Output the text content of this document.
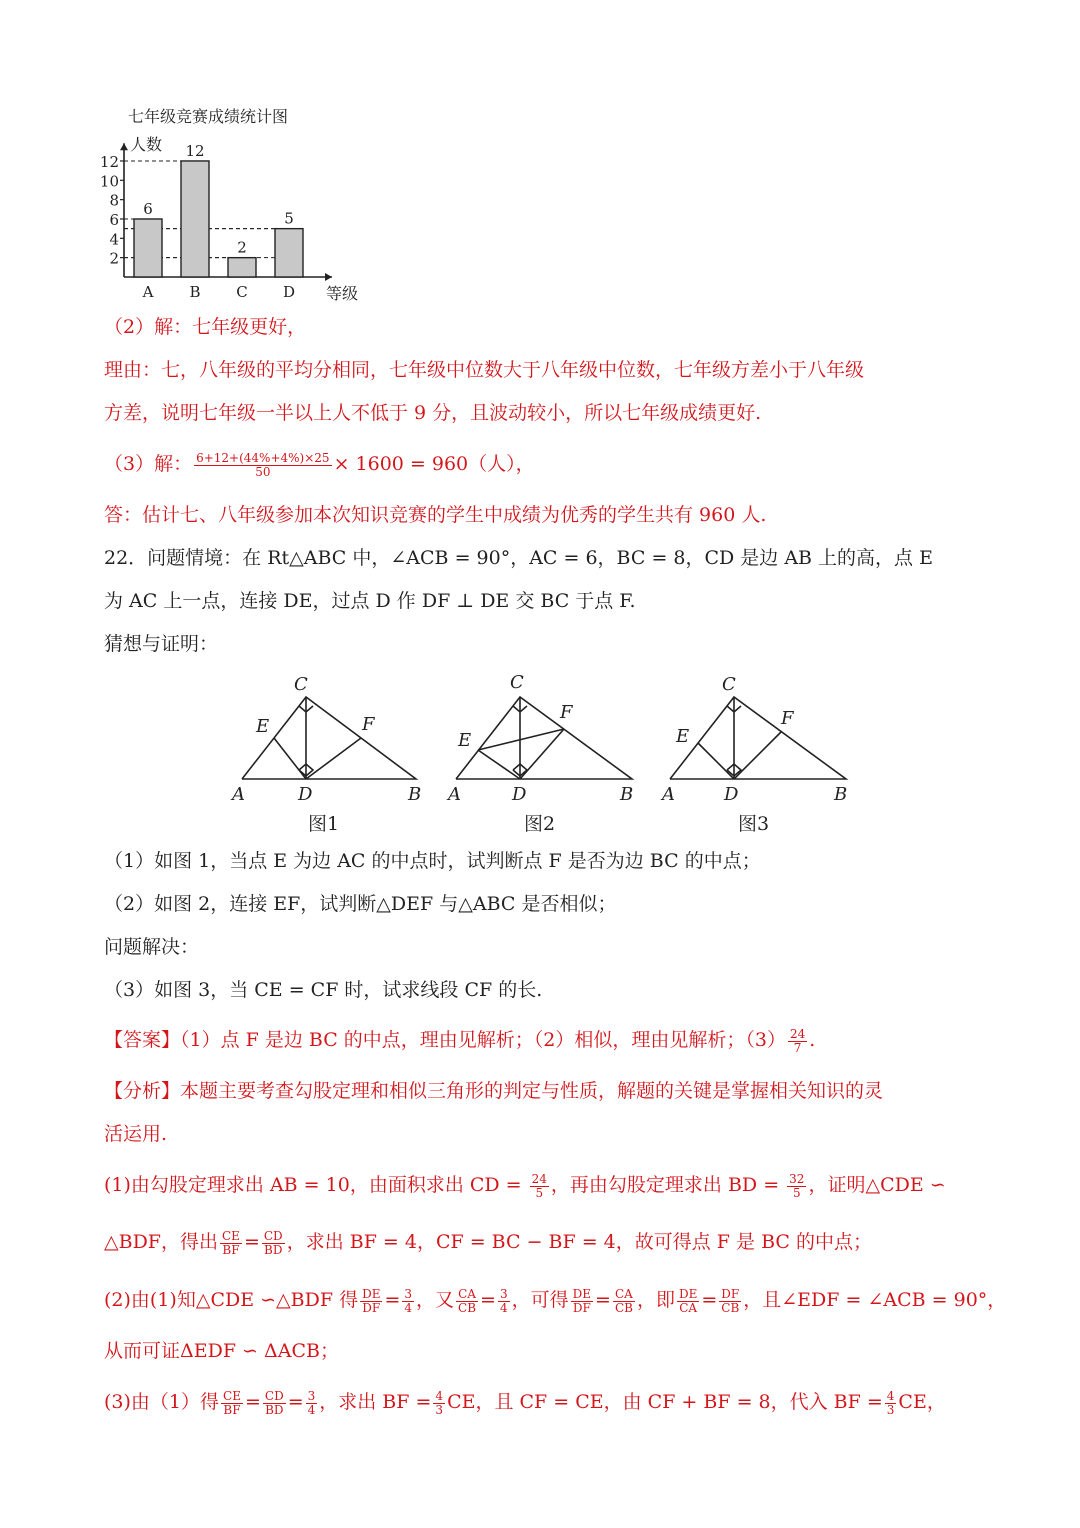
七年级竞赛成绩统计图
人数
等级
6
12
2
5
2
4
6
8
10
12
A B C D
（2）解：七年级更好，
理由：七，八年级的平均分相同，七年级中位数大于八年级中位数，七年级方差小于八年级
方差，说明七年级一半以上人不低于 9 分，且波动较小，所以七年级成绩更好.
（3）解： $\frac{6+12+(44\%+4\%)\times 25}{50} \times 1600 = 960$（人），
答：估计七、八年级参加本次知识竞赛的学生中成绩为优秀的学生共有 960 人.
22．问题情境：在 Rt△ABC 中，∠ACB = 90°，AC = 6，BC = 8，CD 是边 AB 上的高，点 E
为 AC 上一点，连接 DE，过点 D 作 DF ⊥ DE 交 BC 于点 F.
猜想与证明：
C
E	F
A	D	B
图1
C
E
F
A	D	B
图2
C
E
F
A	D	B
图3
（1）如图 1，当点 E 为边 AC 的中点时，试判断点 F 是否为边 BC 的中点；
（2）如图 2，连接 EF，试判断△DEF 与△ABC 是否相似；
问题解决：
（3）如图 3，当 CE = CF 时，试求线段 CF 的长.
【答案】（1）点 F 是边 BC 的中点，理由见解析；（2）相似，理由见解析；$(3) \frac{24}{7}$ .
【分析】本题主要考查勾股定理和相似三角形的判定与性质，解题的关键是掌握相关知识的灵
活运用.
(1)由勾股定理求出 AB = 10，由面积求出 CD = $\frac{24}{5}$ ，再由勾股定理求出 BD = $\frac{32}{5}$ ，证明△CDE ∽
△BDF，得出 $\frac{CE}{BF} = \frac{CD}{BD}$ ，求出 BF = 4，CF = BC − BF = 4，故可得点 F 是 BC 的中点；
(2)由(1)知△CDE ∽△BDF 得 $\frac{DE}{DF} = \frac{3}{4}$ ，又 $\frac{CA}{CB} = \frac{3}{4}$ ，可得 $\frac{DE}{DF} = \frac{CA}{CB}$ ，即 $\frac{DE}{CA} = \frac{DF}{CB}$ ，且∠EDF = ∠ACB = 90°，
从而可证ΔEDF ∽ ΔACB；
(3)由（1）得 $\frac{CE}{BF} = \frac{CD}{BD} = \frac{3}{4}$ ，求出 BF = $\frac{4}{3}$ CE，且 CF = CE，由 CF + BF = 8，代入 BF = $\frac{4}{3}$ CE，
